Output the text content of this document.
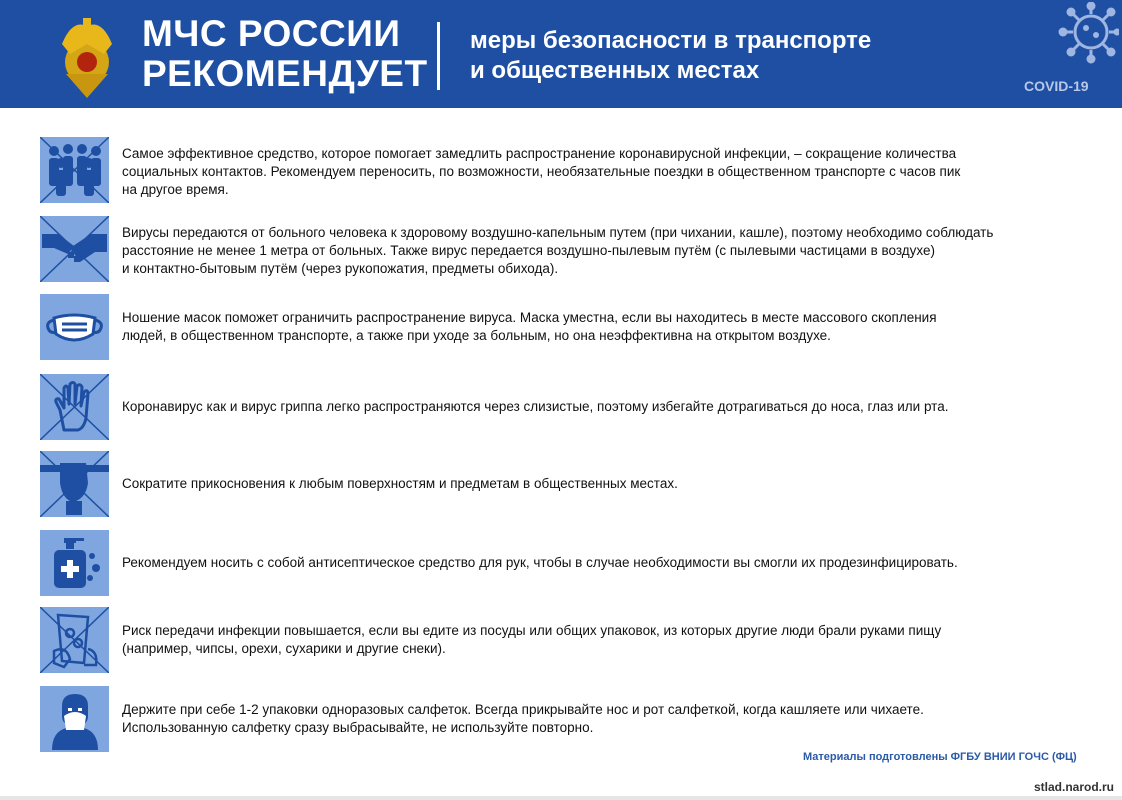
МЧС РОССИИ
РЕКОМЕНДУЕТ
меры безопасности в транспорте
и общественных местах
COVID-19
Самое эффективное средство, которое помогает замедлить распространение коронавирусной инфекции, – сокращение количества
социальных контактов. Рекомендуем переносить, по возможности, необязательные поездки в общественном транспорте с часов пик
на другое время.
Вирусы передаются от больного человека к здоровому воздушно-капельным путем (при чихании, кашле), поэтому необходимо соблюдать
расстояние не менее 1 метра от больных. Также вирус передается воздушно-пылевым путём (с пылевыми частицами в воздухе)
и контактно-бытовым путём (через рукопожатия, предметы обихода).
Ношение масок поможет ограничить распространение вируса. Маска уместна, если вы находитесь в месте массового скопления
людей, в общественном транспорте, а также при уходе за больным, но она неэффективна на открытом воздухе.
Коронавирус как и вирус гриппа легко распространяются через слизистые, поэтому избегайте дотрагиваться до носа, глаз или рта.
Сократите прикосновения к любым поверхностям и предметам в общественных местах.
Рекомендуем носить с собой антисептическое средство для рук, чтобы в случае необходимости вы смогли их продезинфицировать.
Риск передачи инфекции повышается, если вы едите из посуды или общих упаковок, из которых другие люди брали руками пищу
(например, чипсы, орехи, сухарики и другие снеки).
Держите при себе 1-2 упаковки одноразовых салфеток. Всегда прикрывайте нос и рот салфеткой, когда кашляете или чихаете.
Использованную салфетку сразу выбрасывайте, не используйте повторно.
Материалы подготовлены ФГБУ ВНИИ ГОЧС (ФЦ)
stlad.narod.ru
